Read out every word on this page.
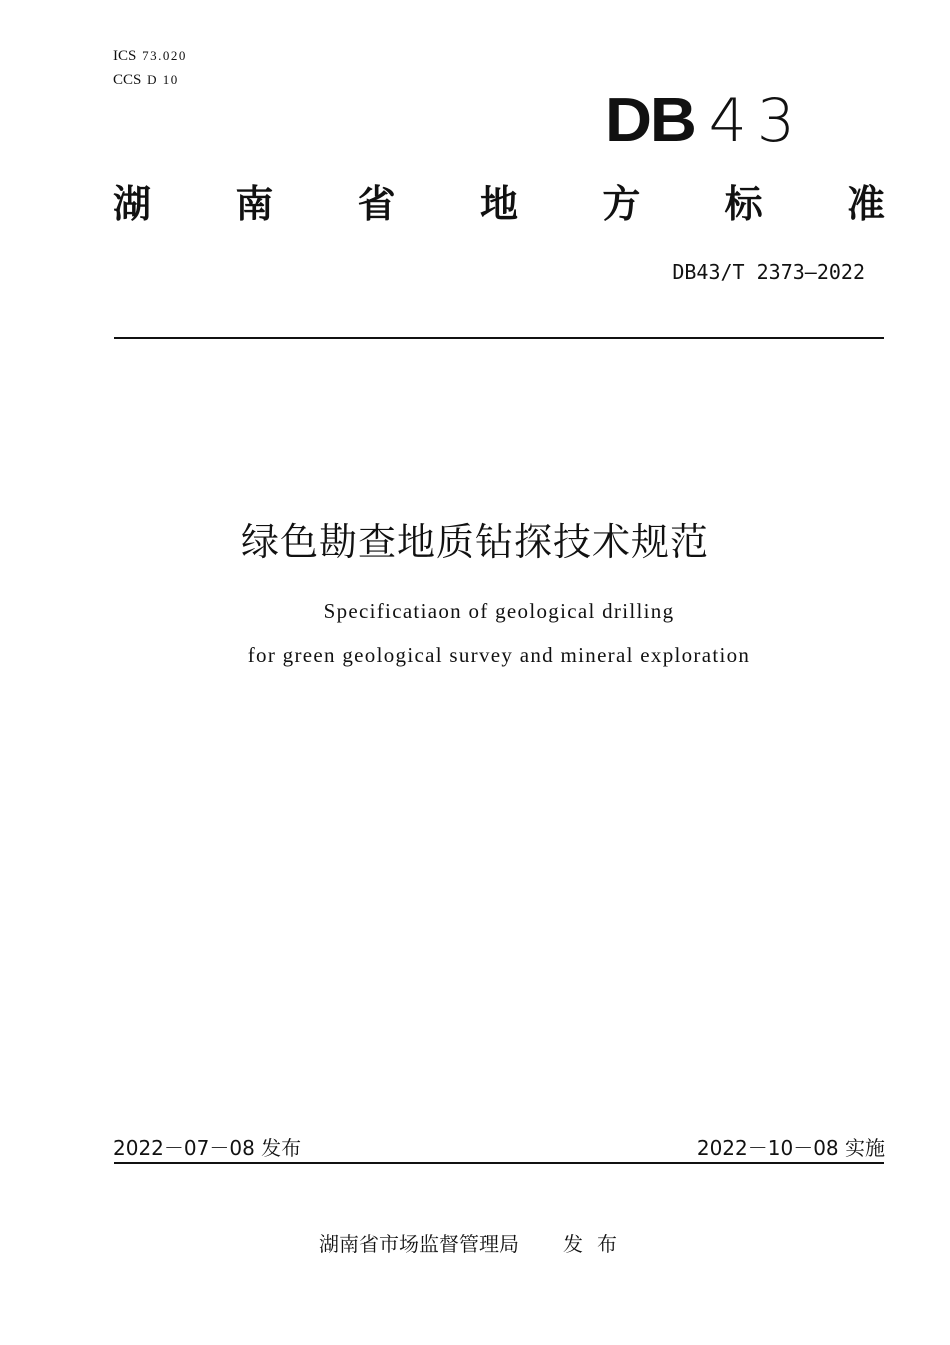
ICS 73.020
CCS D 10
DB 43
湖 南 省 地 方 标 准
DB43/T 2373—2022
绿色勘查地质钻探技术规范
Specificatiaon of geological drilling
for green geological survey and mineral exploration
2022－07－08 发布	2022－10－08 实施
湖南省市场监督管理局 发布
